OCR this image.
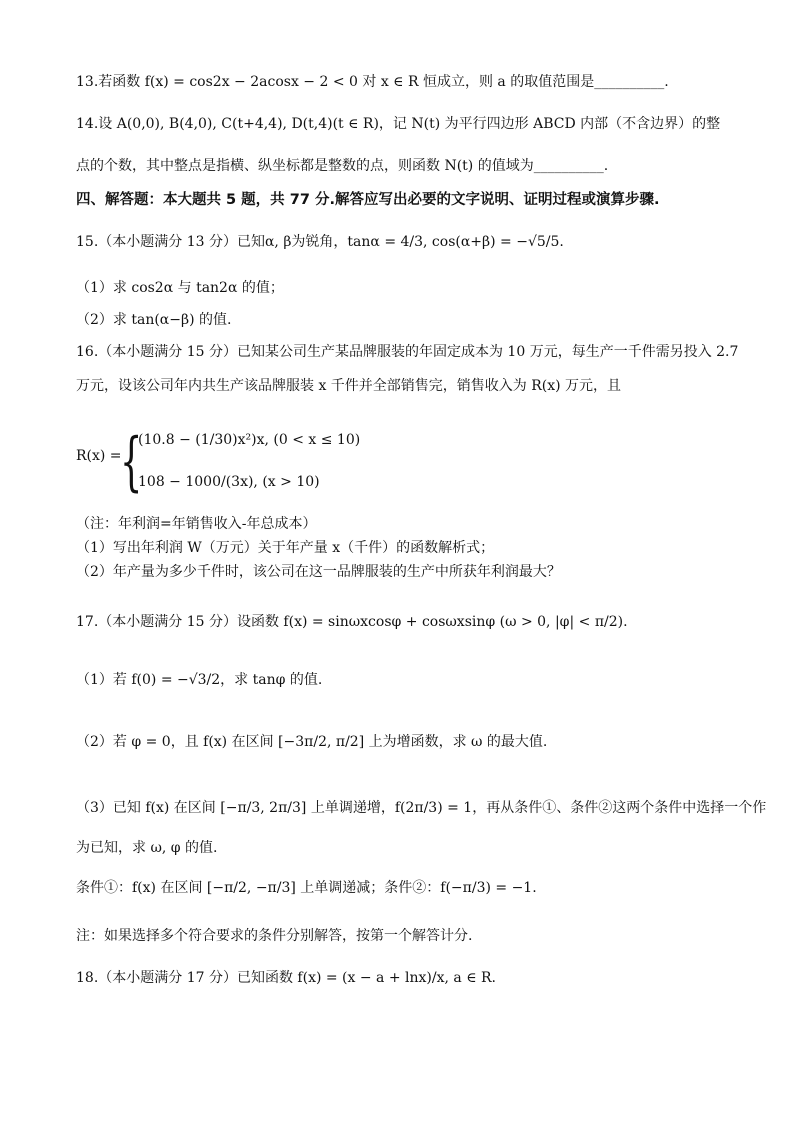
13.若函数 f(x) = cos2x − 2acosx − 2 < 0 对 x ∈ R 恒成立，则 a 的取值范围是__________.
14.设 A(0,0), B(4,0), C(t+4,4), D(t,4)(t ∈ R)，记 N(t) 为平行四边形 ABCD 内部（不含边界）的整
点的个数，其中整点是指横、纵坐标都是整数的点，则函数 N(t) 的值域为__________.
四、解答题：本大题共 5 题，共 77 分.解答应写出必要的文字说明、证明过程或演算步骤.
15.（本小题满分 13 分）已知α, β为锐角，tanα = 4/3, cos(α+β) = −√5/5.
（1）求 cos2α 与 tan2α 的值；
（2）求 tan(α−β) 的值.
16.（本小题满分 15 分）已知某公司生产某品牌服装的年固定成本为 10 万元，每生产一千件需另投入 2.7
万元，设该公司年内共生产该品牌服装 x 千件并全部销售完，销售收入为 R(x) 万元，且
（注：年利润=年销售收入-年总成本）
（1）写出年利润 W（万元）关于年产量 x（千件）的函数解析式；
（2）年产量为多少千件时，该公司在这一品牌服装的生产中所获年利润最大？
17.（本小题满分 15 分）设函数 f(x) = sinωxcosφ + cosωxsinφ (ω > 0, |φ| < π/2).
（1）若 f(0) = −√3/2，求 tanφ 的值.
（2）若 φ = 0，且 f(x) 在区间 [−3π/2, π/2] 上为增函数，求 ω 的最大值.
（3）已知 f(x) 在区间 [−π/3, 2π/3] 上单调递增，f(2π/3) = 1，再从条件①、条件②这两个条件中选择一个作
为已知，求 ω, φ 的值.
条件①：f(x) 在区间 [−π/2, −π/3] 上单调递减；条件②：f(−π/3) = −1.
注：如果选择多个符合要求的条件分别解答，按第一个解答计分.
18.（本小题满分 17 分）已知函数 f(x) = (x − a + lnx)/x, a ∈ R.
R(x) =
{
(10.8 − (1/30)x²)x, (0 < x ≤ 10)
108 − 1000/(3x), (x > 10)
